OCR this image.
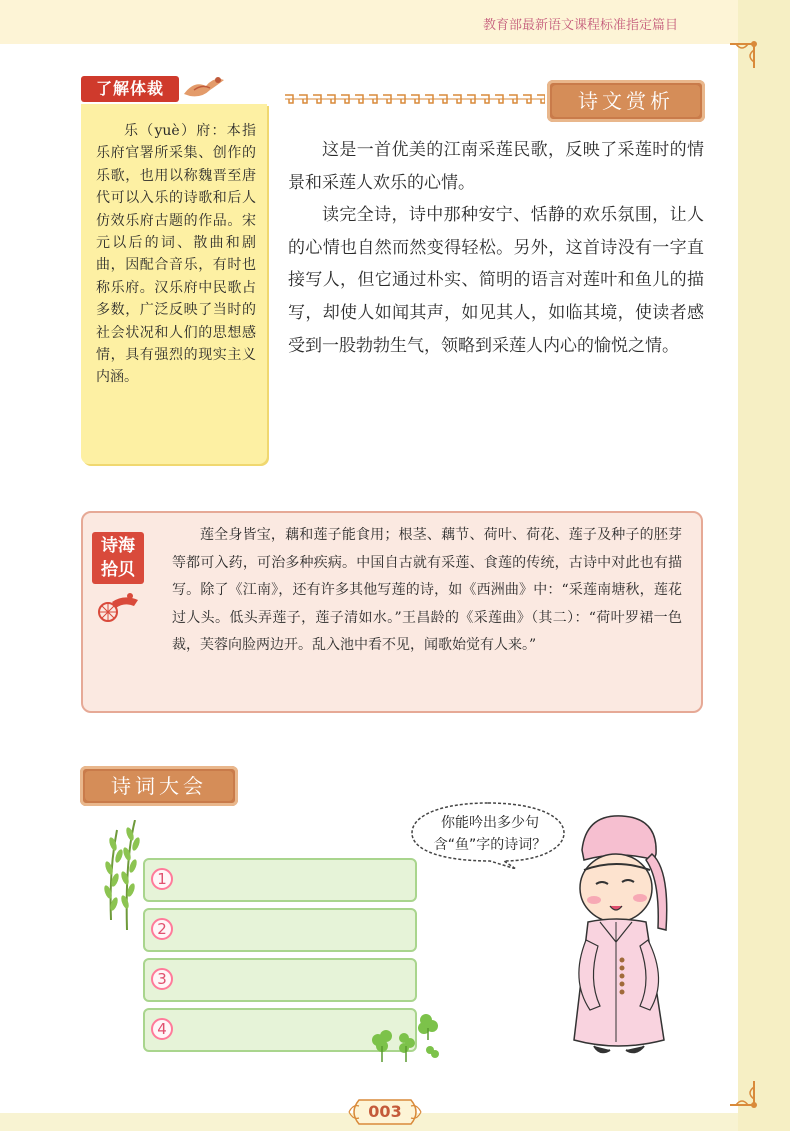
教育部最新语文课程标准指定篇目
了解体裁
乐（yuè）府：本指乐府官署所采集、创作的乐歌，也用以称魏晋至唐代可以入乐的诗歌和后人仿效乐府古题的作品。宋元以后的词、散曲和剧曲，因配合音乐，有时也称乐府。汉乐府中民歌占多数，广泛反映了当时的社会状况和人们的思想感情，具有强烈的现实主义内涵。
诗文赏析

这是一首优美的江南采莲民歌，反映了采莲时的情景和采莲人欢乐的心情。

读完全诗，诗中那种安宁、恬静的欢乐氛围，让人的心情也自然而然变得轻松。另外，这首诗没有一字直接写人，但它通过朴实、简明的语言对莲叶和鱼儿的描写，却使人如闻其声，如见其人，如临其境，使读者感受到一股勃勃生气，领略到采莲人内心的愉悦之情。

诗海
拾贝
莲全身皆宝，藕和莲子能食用；根茎、藕节、荷叶、荷花、莲子及种子的胚芽等都可入药，可治多种疾病。中国自古就有采莲、食莲的传统，古诗中对此也有描写。除了《江南》，还有许多其他写莲的诗，如《西洲曲》中：“采莲南塘秋，莲花过人头。低头弄莲子，莲子清如水。”王昌龄的《采莲曲》（其二）：“荷叶罗裙一色裁，芙蓉向脸两边开。乱入池中看不见，闻歌始觉有人来。”
诗词大会
1
2
3
4
你能吟出多少句含“鱼”字的诗词？
003
